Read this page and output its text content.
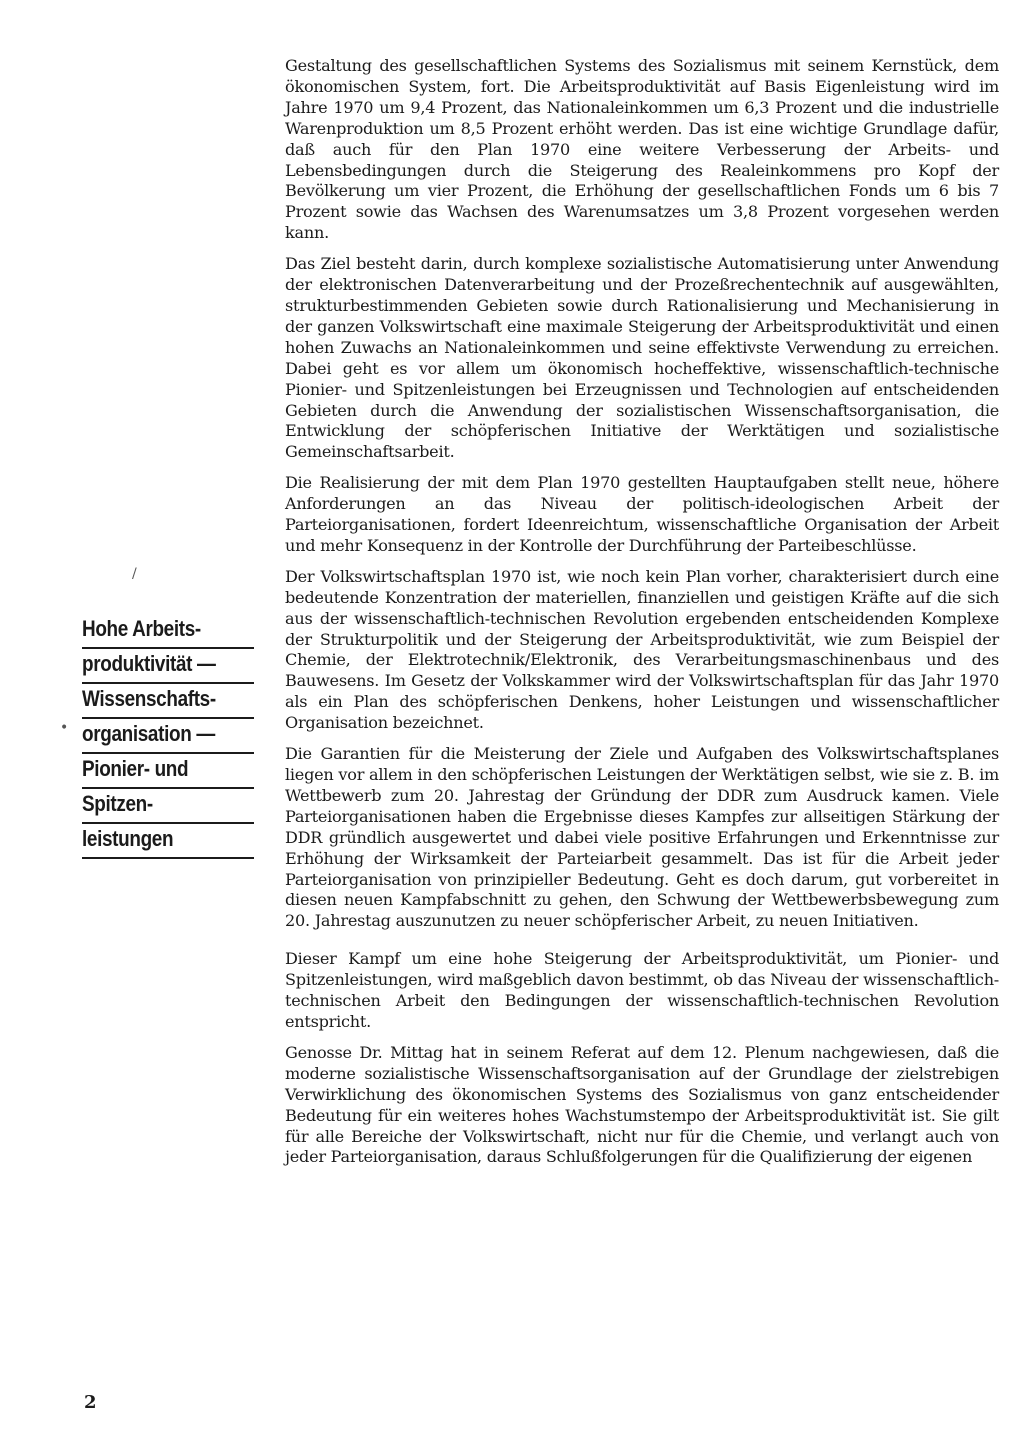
Gestaltung des gesellschaftlichen Systems des Sozialismus mit seinem Kernstück, dem ökonomischen System, fort. Die Arbeitsproduktivität auf Basis Eigenleistung wird im Jahre 1970 um 9,4 Prozent, das Nationaleinkommen um 6,3 Prozent und die industrielle Warenproduktion um 8,5 Prozent erhöht werden. Das ist eine wichtige Grundlage dafür, daß auch für den Plan 1970 eine weitere Verbesserung der Arbeits- und Lebensbedingungen durch die Steigerung des Realeinkommens pro Kopf der Bevölkerung um vier Prozent, die Erhöhung der gesellschaftlichen Fonds um 6 bis 7 Prozent sowie das Wachsen des Warenumsatzes um 3,8 Prozent vorgesehen werden kann.

Das Ziel besteht darin, durch komplexe sozialistische Automatisierung unter Anwendung der elektronischen Datenverarbeitung und der Prozeßrechentechnik auf ausgewählten, strukturbestimmenden Gebieten sowie durch Rationalisierung und Mechanisierung in der ganzen Volkswirtschaft eine maximale Steigerung der Arbeitsproduktivität und einen hohen Zuwachs an Nationaleinkommen und seine effektivste Verwendung zu erreichen. Dabei geht es vor allem um ökonomisch hocheffektive, wissenschaftlich-technische Pionier- und Spitzenleistungen bei Erzeugnissen und Technologien auf entscheidenden Gebieten durch die Anwendung der sozialistischen Wissenschaftsorganisation, die Entwicklung der schöpferischen Initiative der Werktätigen und sozialistische Gemeinschaftsarbeit.

Die Realisierung der mit dem Plan 1970 gestellten Hauptaufgaben stellt neue, höhere Anforderungen an das Niveau der politisch-ideologischen Arbeit der Parteiorganisationen, fordert Ideenreichtum, wissenschaftliche Organisation der Arbeit und mehr Konsequenz in der Kontrolle der Durchführung der Parteibeschlüsse.

Der Volkswirtschaftsplan 1970 ist, wie noch kein Plan vorher, charakterisiert durch eine bedeutende Konzentration der materiellen, finanziellen und geistigen Kräfte auf die sich aus der wissenschaftlich-technischen Revolution ergebenden entscheidenden Komplexe der Strukturpolitik und der Steigerung der Arbeitsproduktivität, wie zum Beispiel der Chemie, der Elektrotechnik/Elektronik, des Verarbeitungsmaschinenbaus und des Bauwesens. Im Gesetz der Volkskammer wird der Volkswirtschaftsplan für das Jahr 1970 als ein Plan des schöpferischen Denkens, hoher Leistungen und wissenschaftlicher Organisation bezeichnet.

Die Garantien für die Meisterung der Ziele und Aufgaben des Volkswirtschaftsplanes liegen vor allem in den schöpferischen Leistungen der Werktätigen selbst, wie sie z. B. im Wettbewerb zum 20. Jahrestag der Gründung der DDR zum Ausdruck kamen. Viele Parteiorganisationen haben die Ergebnisse dieses Kampfes zur allseitigen Stärkung der DDR gründlich ausgewertet und dabei viele positive Erfahrungen und Erkenntnisse zur Erhöhung der Wirksamkeit der Parteiarbeit gesammelt. Das ist für die Arbeit jeder Parteiorganisation von prinzipieller Bedeutung. Geht es doch darum, gut vorbereitet in diesen neuen Kampfabschnitt zu gehen, den Schwung der Wettbewerbsbewegung zum 20. Jahrestag auszunutzen zu neuer schöpferischer Arbeit, zu neuen Initiativen.

Dieser Kampf um eine hohe Steigerung der Arbeitsproduktivität, um Pionier- und Spitzenleistungen, wird maßgeblich davon bestimmt, ob das Niveau der wissenschaftlich-technischen Arbeit den Bedingungen der wissenschaftlich-technischen Revolution entspricht.

Genosse Dr. Mittag hat in seinem Referat auf dem 12. Plenum nachgewiesen, daß die moderne sozialistische Wissenschaftsorganisation auf der Grundlage der zielstrebigen Verwirklichung des ökonomischen Systems des Sozialismus von ganz entscheidender Bedeutung für ein weiteres hohes Wachstumstempo der Arbeitsproduktivität ist. Sie gilt für alle Bereiche der Volkswirtschaft, nicht nur für die Chemie, und verlangt auch von jeder Parteiorganisation, daraus Schlußfolgerungen für die Qualifizierung der eigenen

Hohe Arbeits-
produktivität —
Wissenschafts-
organisation —
Pionier- und
Spitzen-
leistungen
/
•
2
